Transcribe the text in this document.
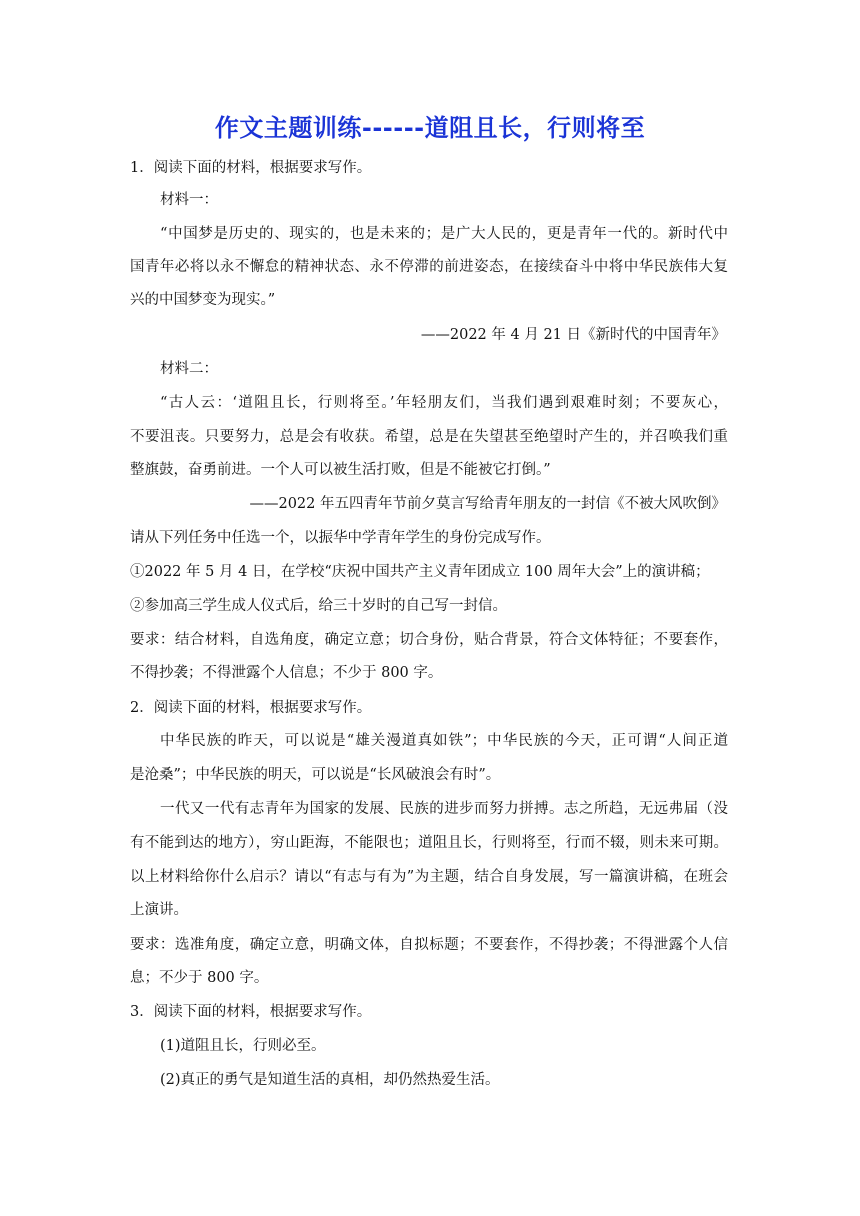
作文主题训练------道阻且长，行则将至
1．阅读下面的材料，根据要求写作。
材料一：
“中国梦是历史的、现实的，也是未来的；是广大人民的，更是青年一代的。新时代中
国青年必将以永不懈怠的精神状态、永不停滞的前进姿态，在接续奋斗中将中华民族伟大复
兴的中国梦变为现实。”
——2022 年 4 月 21 日《新时代的中国青年》
材料二：
“古人云：‘道阻且长，行则将至。’年轻朋友们，当我们遇到艰难时刻；不要灰心，
不要沮丧。只要努力，总是会有收获。希望，总是在失望甚至绝望时产生的，并召唤我们重
整旗鼓，奋勇前进。一个人可以被生活打败，但是不能被它打倒。”
——2022 年五四青年节前夕莫言写给青年朋友的一封信《不被大风吹倒》
请从下列任务中任选一个，以振华中学青年学生的身份完成写作。
①2022 年 5 月 4 日，在学校“庆祝中国共产主义青年团成立 100 周年大会”上的演讲稿；
②参加高三学生成人仪式后，给三十岁时的自己写一封信。
要求：结合材料，自选角度，确定立意；切合身份，贴合背景，符合文体特征；不要套作，
不得抄袭；不得泄露个人信息；不少于 800 字。
2．阅读下面的材料，根据要求写作。
中华民族的昨天，可以说是“雄关漫道真如铁”；中华民族的今天，正可谓“人间正道
是沧桑”；中华民族的明天，可以说是“长风破浪会有时”。
一代又一代有志青年为国家的发展、民族的进步而努力拼搏。志之所趋，无远弗届（没
有不能到达的地方），穷山距海，不能限也；道阻且长，行则将至，行而不辍，则未来可期。
以上材料给你什么启示？请以“有志与有为”为主题，结合自身发展，写一篇演讲稿，在班会
上演讲。
要求：选准角度，确定立意，明确文体，自拟标题；不要套作，不得抄袭；不得泄露个人信
息；不少于 800 字。
3．阅读下面的材料，根据要求写作。
(1)道阻且长，行则必至。
(2)真正的勇气是知道生活的真相，却仍然热爱生活。
